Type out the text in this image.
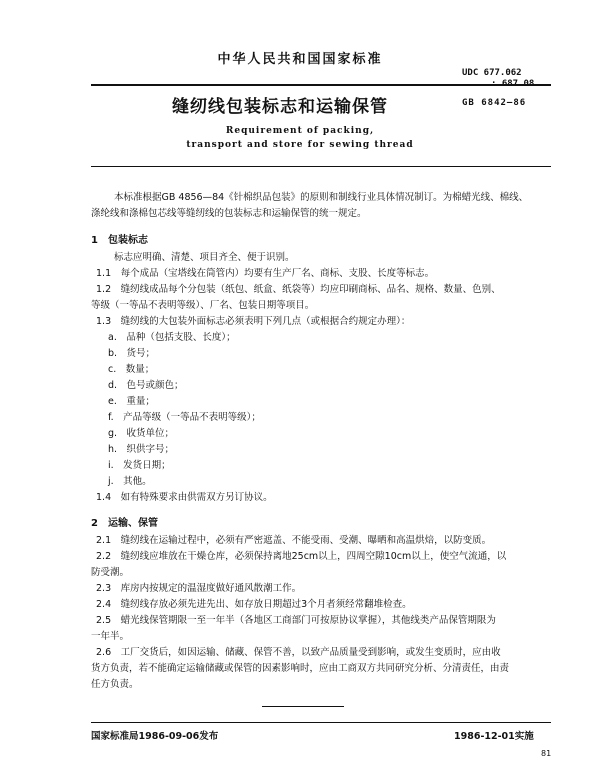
中华人民共和国国家标准
UDC 677.062
缝纫线包装标志和运输保管	GB 6842—86
Requirement of packing,
transport and store for sewing thread
本标准根据GB 4856—84《针棉织品包装》的原则和制线行业具体情况制订。为棉蜡光线、棉线、
涤纶线和涤棉包芯线等缝纫线的包装标志和运输保管的统一规定。
1　包装标志
标志应明确、清楚、项目齐全、便于识别。
1.1　每个成品（宝塔线在筒管内）均要有生产厂名、商标、支股、长度等标志。
1.2　缝纫线成品每个分包装（纸包、纸盒、纸袋等）均应印刷商标、品名、规格、数量、色别、
等级（一等品不表明等级）、厂名、包装日期等项目。
1.3　缝纫线的大包装外面标志必须表明下列几点（或根据合约规定办理）：
a.　品种（包括支股、长度）；
b.　货号；
c.　数量；
d.　色号或颜色；
e.　重量；
f.　产品等级（一等品不表明等级）；
g.　收货单位；
h.　织供字号；
i.　发货日期；
j.　其他。
1.4　如有特殊要求由供需双方另订协议。
2　运输、保管
2.1　缝纫线在运输过程中，必须有严密遮盖、不能受雨、受潮、曝晒和高温烘焙，以防变质。
2.2　缝纫线应堆放在干燥仓库，必须保持离地25cm以上，四周空隙10cm以上，使空气流通，以
防受潮。
2.3　库房内按规定的温湿度做好通风散潮工作。
2.4　缝纫线存放必须先进先出、如存放日期超过3个月者须经常翻堆检查。
2.5　蜡光线保管期限一至一年半（各地区工商部门可按原协议掌握），其他线类产品保管期限为
一年半。
2.6　工厂交货后，如因运输、储藏、保管不善，以致产品质量受到影响，或发生变质时，应由收
货方负责，若不能确定运输储藏或保管的因素影响时，应由工商双方共同研究分析、分清责任，由责
任方负责。
国家标准局1986-09-06发布	1986-12-01实施
81
